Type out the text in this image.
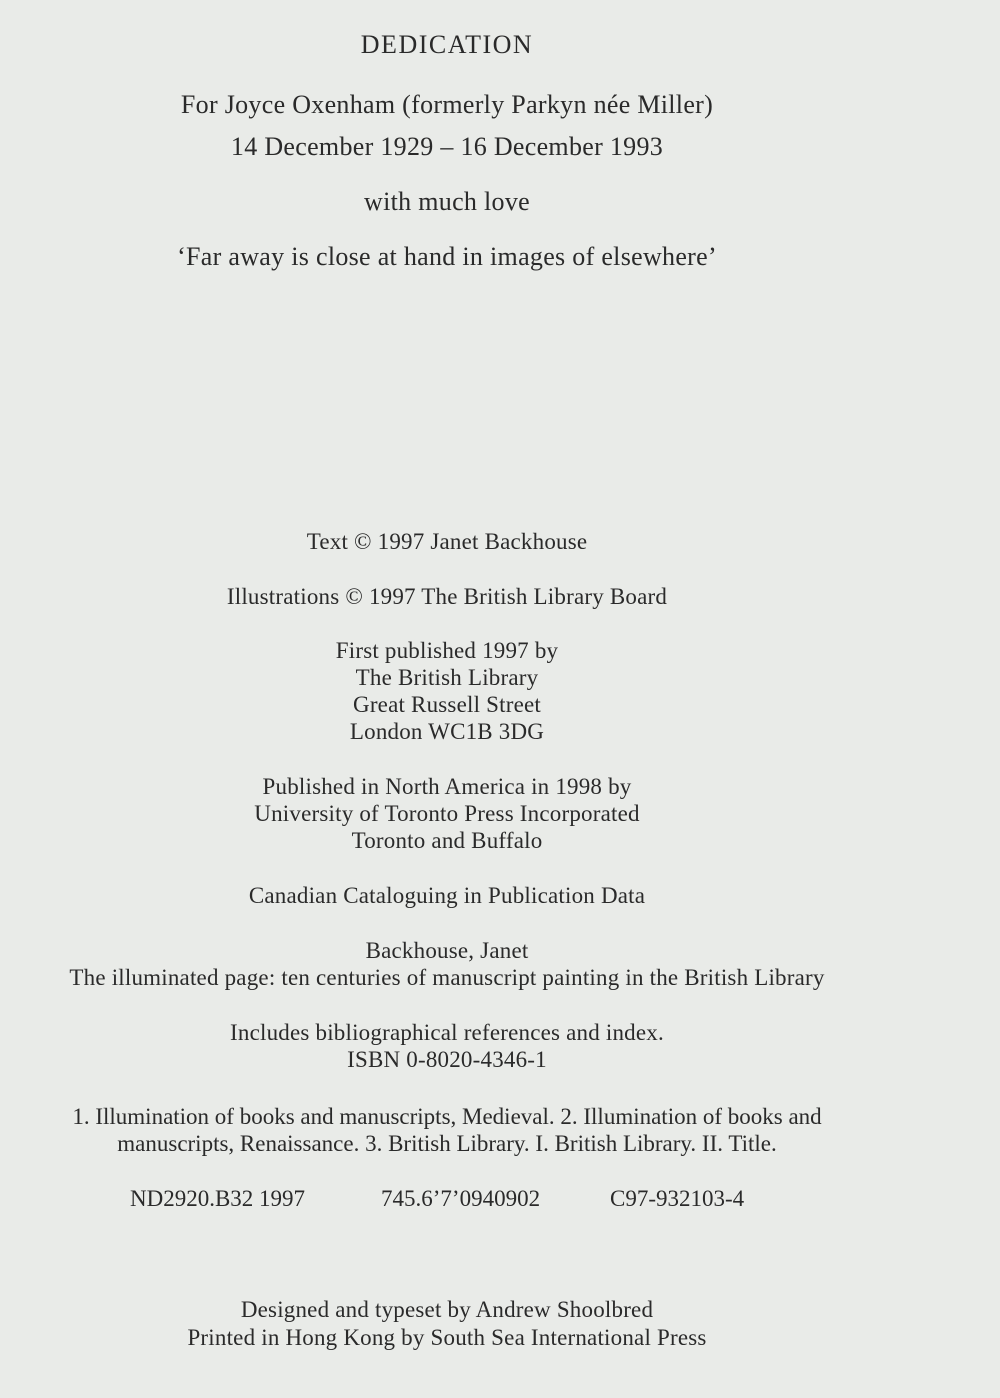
DEDICATION
For Joyce Oxenham (formerly Parkyn née Miller)
14 December 1929 – 16 December 1993
with much love
‘Far away is close at hand in images of elsewhere’
Text © 1997 Janet Backhouse
Illustrations © 1997 The British Library Board
First published 1997 by
The British Library
Great Russell Street
London WC1B 3DG
Published in North America in 1998 by
University of Toronto Press Incorporated
Toronto and Buffalo
Canadian Cataloguing in Publication Data
Backhouse, Janet
The illuminated page: ten centuries of manuscript painting in the British Library
Includes bibliographical references and index.
ISBN 0-8020-4346-1
1. Illumination of books and manuscripts, Medieval. 2. Illumination of books and
manuscripts, Renaissance. 3. British Library. I. British Library. II. Title.
ND2920.B32 1997	745.6’7’0940902	C97-932103-4
Designed and typeset by Andrew Shoolbred
Printed in Hong Kong by South Sea International Press
